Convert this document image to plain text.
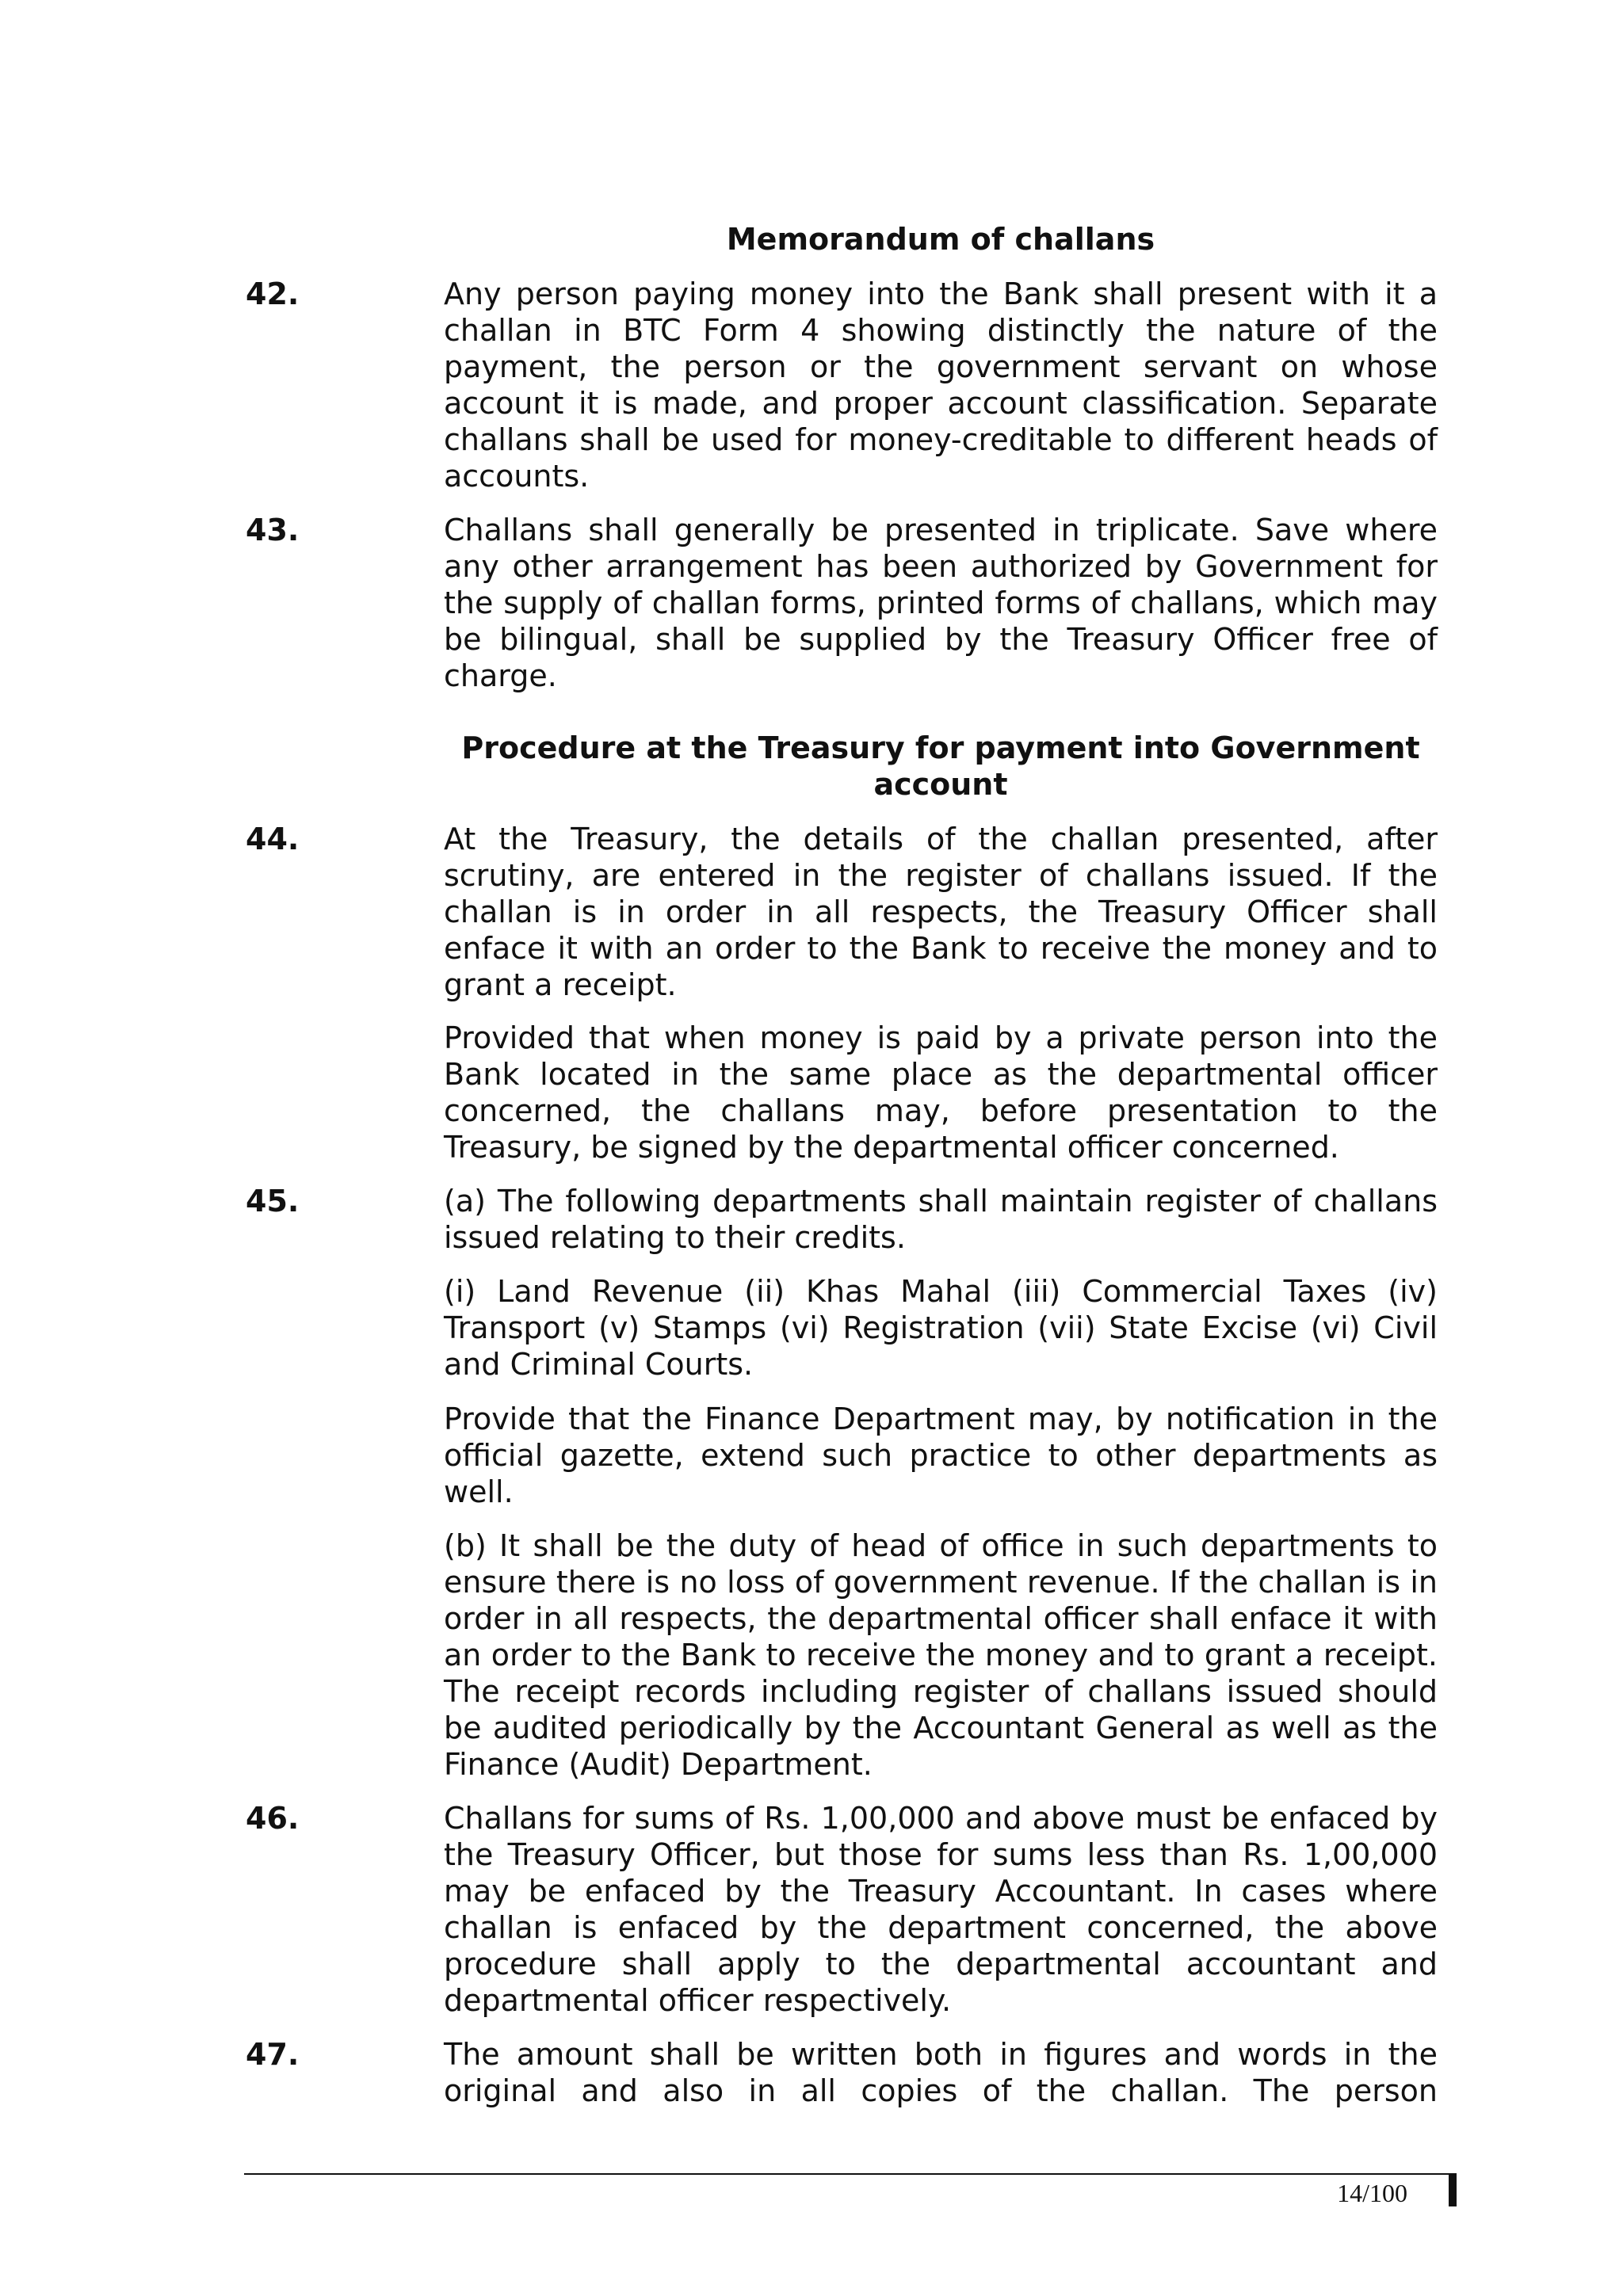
Memorandum of challans
42.	Any person paying money into the Bank shall present with it a challan in BTC Form 4 showing distinctly the nature of the payment, the person or the government servant on whose account it is made, and proper account classification. Separate challans shall be used for money-creditable to different heads of accounts.

43.	Challans shall generally be presented in triplicate. Save where any other arrangement has been authorized by Government for the supply of challan forms, printed forms of challans, which may be bilingual, shall be supplied by the Treasury Officer free of charge.

Procedure at the Treasury for payment into Government account
44.	At the Treasury, the details of the challan presented, after scrutiny, are entered in the register of challans issued. If the challan is in order in all respects, the Treasury Officer shall enface it with an order to the Bank to receive the money and to grant a receipt.

Provided that when money is paid by a private person into the Bank located in the same place as the departmental officer concerned, the challans may, before presentation to the Treasury, be signed by the departmental officer concerned.

45.	(a) The following departments shall maintain register of challans issued relating to their credits.

(i) Land Revenue (ii) Khas Mahal (iii) Commercial Taxes (iv) Transport (v) Stamps (vi) Registration (vii) State Excise (vi) Civil and Criminal Courts.

Provide that the Finance Department may, by notification in the official gazette, extend such practice to other departments as well.

(b) It shall be the duty of head of office in such departments to ensure there is no loss of government revenue. If the challan is in order in all respects, the departmental officer shall enface it with an order to the Bank to receive the money and to grant a receipt. The receipt records including register of challans issued should be audited periodically by the Accountant General as well as the Finance (Audit) Department.

46.	Challans for sums of Rs. 1,00,000 and above must be enfaced by the Treasury Officer, but those for sums less than Rs. 1,00,000 may be enfaced by the Treasury Accountant. In cases where challan is enfaced by the department concerned, the above procedure shall apply to the departmental accountant and departmental officer respectively.

47.	The amount shall be written both in figures and words in the original and also in all copies of the challan. The person

14/100
